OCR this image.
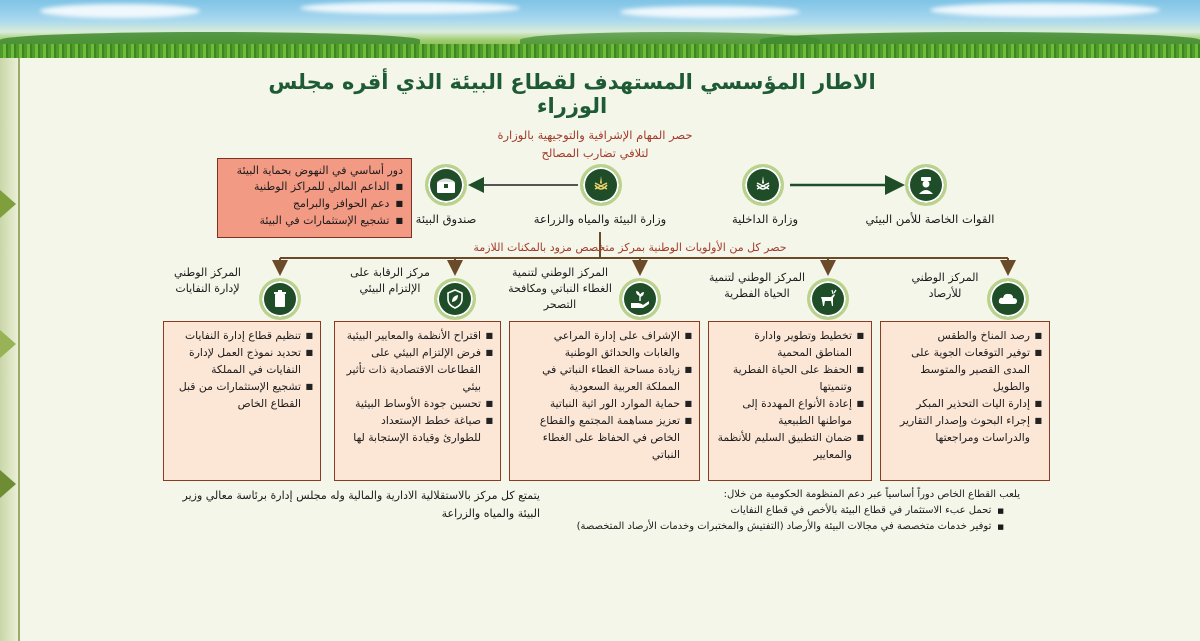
الاطار المؤسسي المستهدف لقطاع البيئة الذي أقره مجلس الوزراء
حصر المهام الإشرافية والتوجيهية بالوزارة لتلافي تضارب المصالح
دور أساسي في النهوض بحماية البيئة
■ الداعم المالي للمراكز الوطنية
■ دعم الحوافز والبرامج
■ تشجيع الإستثمارات في البيئة	صندوق البيئة	وزارة البيئة والمياه والزراعة	وزارة الداخلية	القوات الخاصة للأمن البيئي
حصر كل من الأولويات الوطنية بمركز متخصص مزود بالمكنات اللازمة
المركز الوطني للأرصاد
المركز الوطني لتنمية الحياة الفطرية
المركز الوطني لتنمية الغطاء النباتي ومكافحة التصحر
مركز الرقابة على الإلتزام البيئي
المركز الوطني لإدارة النفايات
■ رصد المناخ والطقس
■ توفير التوقعات الجوية على المدى القصير والمتوسط والطويل
■ إدارة اليات التحذير المبكر
■ إجراء البحوث وإصدار التقارير والدراسات ومراجعتها
■ تخطيط وتطوير وادارة المناطق المحمية
■ الحفظ على الحياة الفطرية وتنميتها
■ إعادة الأنواع المهددة إلى مواطنها الطبيعية
■ ضمان التطبيق السليم للأنظمة والمعايير
■ الإشراف على إدارة المراعي والغابات والحدائق الوطنية
■ زيادة مساحة الغطاء النباتي في المملكة العربية السعودية
■ حماية الموارد الور اثية النباتية
■ تعزيز مساهمة المجتمع والقطاع الخاص في الحفاظ على الغطاء النباتي
■ اقتراح الأنظمة والمعايير البيئية
■ فرض الإلتزام البيئي على القطاعات الاقتصادية ذات تأثير بيئي
■ تحسين جودة الأوساط البيئية
■ صياغة خطط الإستعداد للطوارئ وقيادة الإستجابة لها
■ تنظيم قطاع إدارة النفايات
■ تحديد نموذج العمل لإدارة النفايات في المملكة
■ تشجيع الإستثمارات من قبل القطاع الخاص
يلعب القطاع الخاص دوراً أساسياً عبر دعم المنظومة الحكومية من خلال:
■ تحمل عبء الاستثمار في قطاع البيئة بالأخص في قطاع النفايات
■ توفير خدمات متخصصة في مجالات البيئة والأرصاد (التفتيش والمختبرات وخدمات الأرصاد المتخصصة)
يتمتع كل مركز بالاستقلالية الادارية والمالية وله مجلس إدارة برئاسة معالي وزير البيئة والمياه والزراعة
